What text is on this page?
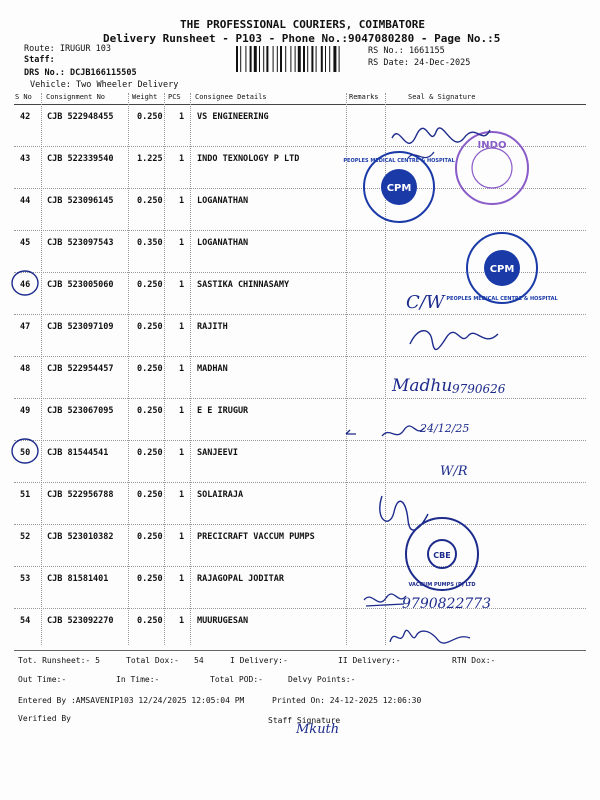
THE PROFESSIONAL COURIERS, COIMBATORE
Delivery Runsheet - P103 - Phone No.:9047080280 - Page No.:5
Route: IRUGUR 103
Staff:
DRS No.: DCJB166115505
Vehicle: Two Wheeler Delivery
RS No.: 1661155
RS Date: 24-Dec-2025
S No Consignment No	Weight PCS Consignee Details	Remarks	Seal & Signature
42 CJB 522948455	0.250 1 VS ENGINEERING
43 CJB 522339540	1.225 1 INDO TEXNOLOGY P LTD
44 CJB 523096145	0.250 1 LOGANATHAN
45 CJB 523097543	0.350 1 LOGANATHAN
46 CJB 523005060	0.250 1 SASTIKA CHINNASAMY
47 CJB 523097109	0.250 1 RAJITH
48 CJB 522954457	0.250 1 MADHAN
49 CJB 523067095	0.250 1 E E IRUGUR
50 CJB 81544541	0.250 1 SANJEEVI
51 CJB 522956788	0.250 1 SOLAIRAJA
52 CJB 523010382	0.250 1 PRECICRAFT VACCUM PUMPS
53 CJB 81581401	0.250 1 RAJAGOPAL JODITAR
54 CJB 523092270	0.250 1 MUURUGESAN
INDO
CPM
PEOPLES MEDICAL CENTRE & HOSPITAL
CPM
PEOPLES MEDICAL CENTRE & HOSPITAL
CBE
VACCUM PUMPS (P) LTD
C/W
Madhu 9790626
24/12/25
W/R
9790822773
Tot. Runsheet:- 5	Total Dox:- 54	I Delivery:-	II Delivery:-	RTN Dox:-
Out Time:-	In Time:-	Total POD:-	Delvy Points:-
Entered By :AMSAVENIP103 12/24/2025 12:05:04 PM	Printed On: 24-12-2025 12:06:30
Verified By	Staff Signature
Mkuth
